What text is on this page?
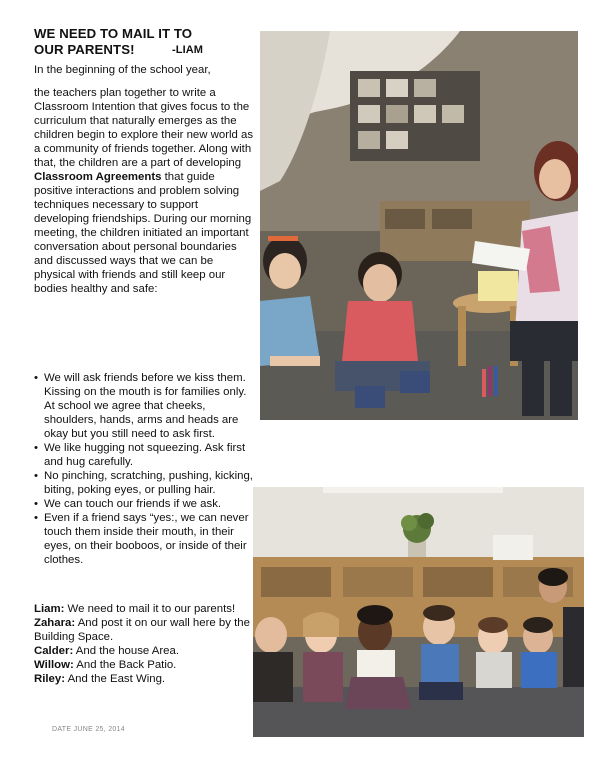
WE NEED TO MAIL IT TO
OUR PARENTS!	-LIAM
In the beginning of the school year,

the teachers plan together to write a Classroom Intention that gives focus to the curriculum that naturally emerges as the children begin to explore their new world as a community of friends together. Along with that, the children are a part of developing Classroom Agreements that guide positive interactions and problem solving techniques necessary to support developing friendships. During our morning meeting, the children initiated an important conversation about personal boundaries and discussed ways that we can be physical with friends and still keep our bodies healthy and safe:

• We will ask friends before we kiss them. Kissing on the mouth is for families only. At school we agree that cheeks, shoulders, hands, arms and heads are okay but you still need to ask first.
• We like hugging not squeezing. Ask first and hug carefully.
• No pinching, scratching, pushing, kicking, biting, poking eyes, or pulling hair.
• We can touch our friends if we ask.
• Even if a friend says “yes:, we can never touch them inside their mouth, in their eyes, on their booboos, or inside of their clothes.
Liam: We need to mail it to our parents!
Zahara: And post it on our wall here by the Building Space.
Calder: And the house Area.
Willow: And the Back Patio.
Riley: And the East Wing.
DATE JUNE 25, 2014
